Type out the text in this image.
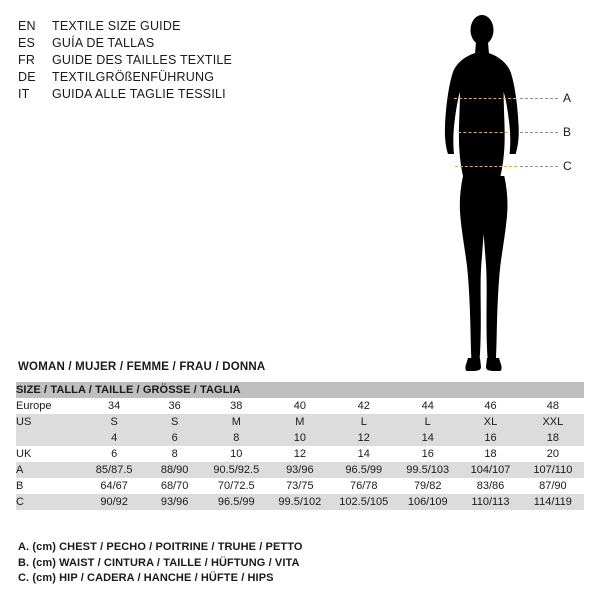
EN	TEXTILE SIZE GUIDE
ES	GUÍA DE TALLAS
FR	GUIDE DES TAILLES TEXTILE
DE	TEXTILGRÖßENFÜHRUNG
IT	GUIDA ALLE TAGLIE TESSILI	A
B
C
WOMAN / MUJER / FEMME / FRAU / DONNA
SIZE / TALLA / TAILLE / GRÖSSE / TAGLIA								
Europe	34	36	38	40	42	44	46	48
US	S	S	M	M	L	L	XL	XXL
	4	6	8	10	12	14	16	18
UK	6	8	10	12	14	16	18	20
A	85/87.5	88/90	90.5/92.5	93/96	96.5/99	99.5/103	104/107	107/110
B	64/67	68/70	70/72.5	73/75	76/78	79/82	83/86	87/90
C	90/92	93/96	96.5/99	99.5/102	102.5/105	106/109	110/113	114/119
A. (cm) CHEST / PECHO / POITRINE / TRUHE / PETTO
B. (cm) WAIST / CINTURA / TAILLE / HÜFTUNG / VITA
C. (cm) HIP / CADERA / HANCHE / HÜFTE / HIPS
